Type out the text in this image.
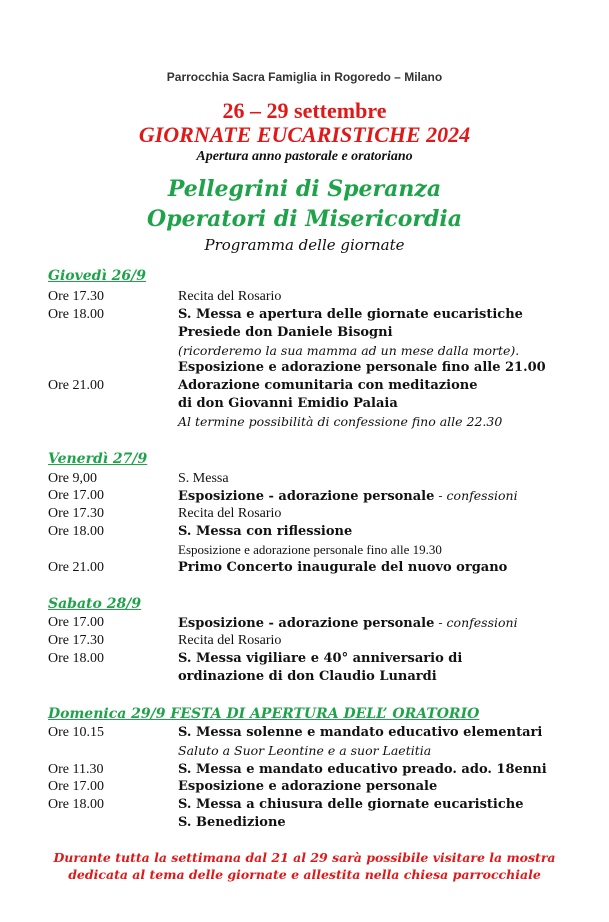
Parrocchia Sacra Famiglia in Rogoredo – Milano
26 – 29 settembre
GIORNATE EUCARISTICHE 2024
Apertura anno pastorale e oratoriano
Pellegrini di Speranza
Operatori di Misericordia
Programma delle giornate
Giovedì 26/9
Ore 17.30	Recita del Rosario
Ore 18.00	S. Messa e apertura delle giornate eucaristiche
Presiede don Daniele Bisogni
(ricorderemo la sua mamma ad un mese dalla morte).
Esposizione e adorazione personale fino alle 21.00
Ore 21.00	Adorazione comunitaria con meditazione
di don Giovanni Emidio Palaia
Al termine possibilità di confessione fino alle 22.30
Venerdì 27/9
Ore 9,00	S. Messa
Ore 17.00	Esposizione - adorazione personale - confessioni
Ore 17.30	Recita del Rosario
Ore 18.00	S. Messa con riflessione
Esposizione e adorazione personale fino alle 19.30
Ore 21.00	Primo Concerto inaugurale del nuovo organo
Sabato 28/9
Ore 17.00	Esposizione - adorazione personale - confessioni
Ore 17.30	Recita del Rosario
Ore 18.00	S. Messa vigiliare e 40° anniversario di
ordinazione di don Claudio Lunardi
Domenica 29/9 FESTA DI APERTURA DELL’ ORATORIO
Ore 10.15	S. Messa solenne e mandato educativo elementari
Saluto a Suor Leontine e a suor Laetitia
Ore 11.30	S. Messa e mandato educativo preado. ado. 18enni
Ore 17.00	Esposizione e adorazione personale
Ore 18.00	S. Messa a chiusura delle giornate eucaristiche
S. Benedizione
Durante tutta la settimana dal 21 al 29 sarà possibile visitare la mostra
dedicata al tema delle giornate e allestita nella chiesa parrocchiale
